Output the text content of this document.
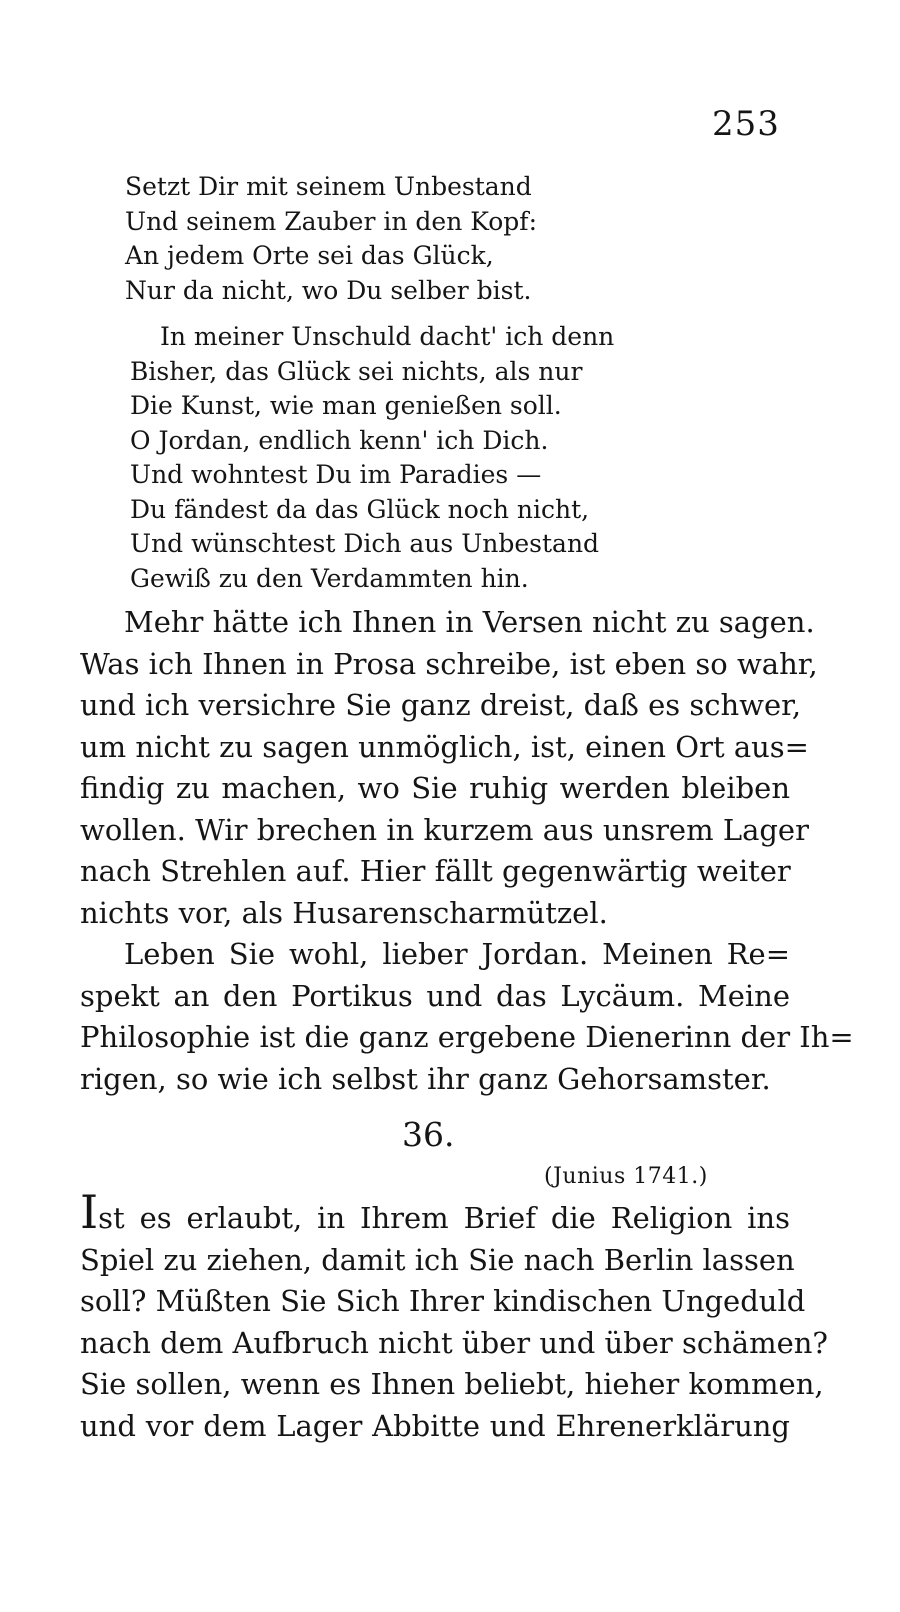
253
Setzt Dir mit seinem Unbestand
Und seinem Zauber in den Kopf:
An jedem Orte sei das Glück,
Nur da nicht, wo Du selber bist.
In meiner Unschuld dacht' ich denn
Bisher, das Glück sei nichts, als nur
Die Kunst, wie man genießen soll.
O Jordan, endlich kenn' ich Dich.
Und wohntest Du im Paradies —
Du fändest da das Glück noch nicht,
Und wünschtest Dich aus Unbestand
Gewiß zu den Verdammten hin.
Mehr hätte ich Ihnen in Versen nicht zu sagen.
Was ich Ihnen in Prosa schreibe, ist eben so wahr,
und ich versichre Sie ganz dreist, daß es schwer,
um nicht zu sagen unmöglich, ist, einen Ort aus=
findig zu machen, wo Sie ruhig werden bleiben
wollen. Wir brechen in kurzem aus unsrem Lager
nach Strehlen auf. Hier fällt gegenwärtig weiter
nichts vor, als Husarenscharmützel.
Leben Sie wohl, lieber Jordan. Meinen Re=
spekt an den Portikus und das Lycäum. Meine
Philosophie ist die ganz ergebene Dienerinn der Ih=
rigen, so wie ich selbst ihr ganz Gehorsamster.
36.
(Junius 1741.)
Ist es erlaubt, in Ihrem Brief die Religion ins
Spiel zu ziehen, damit ich Sie nach Berlin lassen
soll? Müßten Sie Sich Ihrer kindischen Ungeduld
nach dem Aufbruch nicht über und über schämen?
Sie sollen, wenn es Ihnen beliebt, hieher kommen,
und vor dem Lager Abbitte und Ehrenerklärung
